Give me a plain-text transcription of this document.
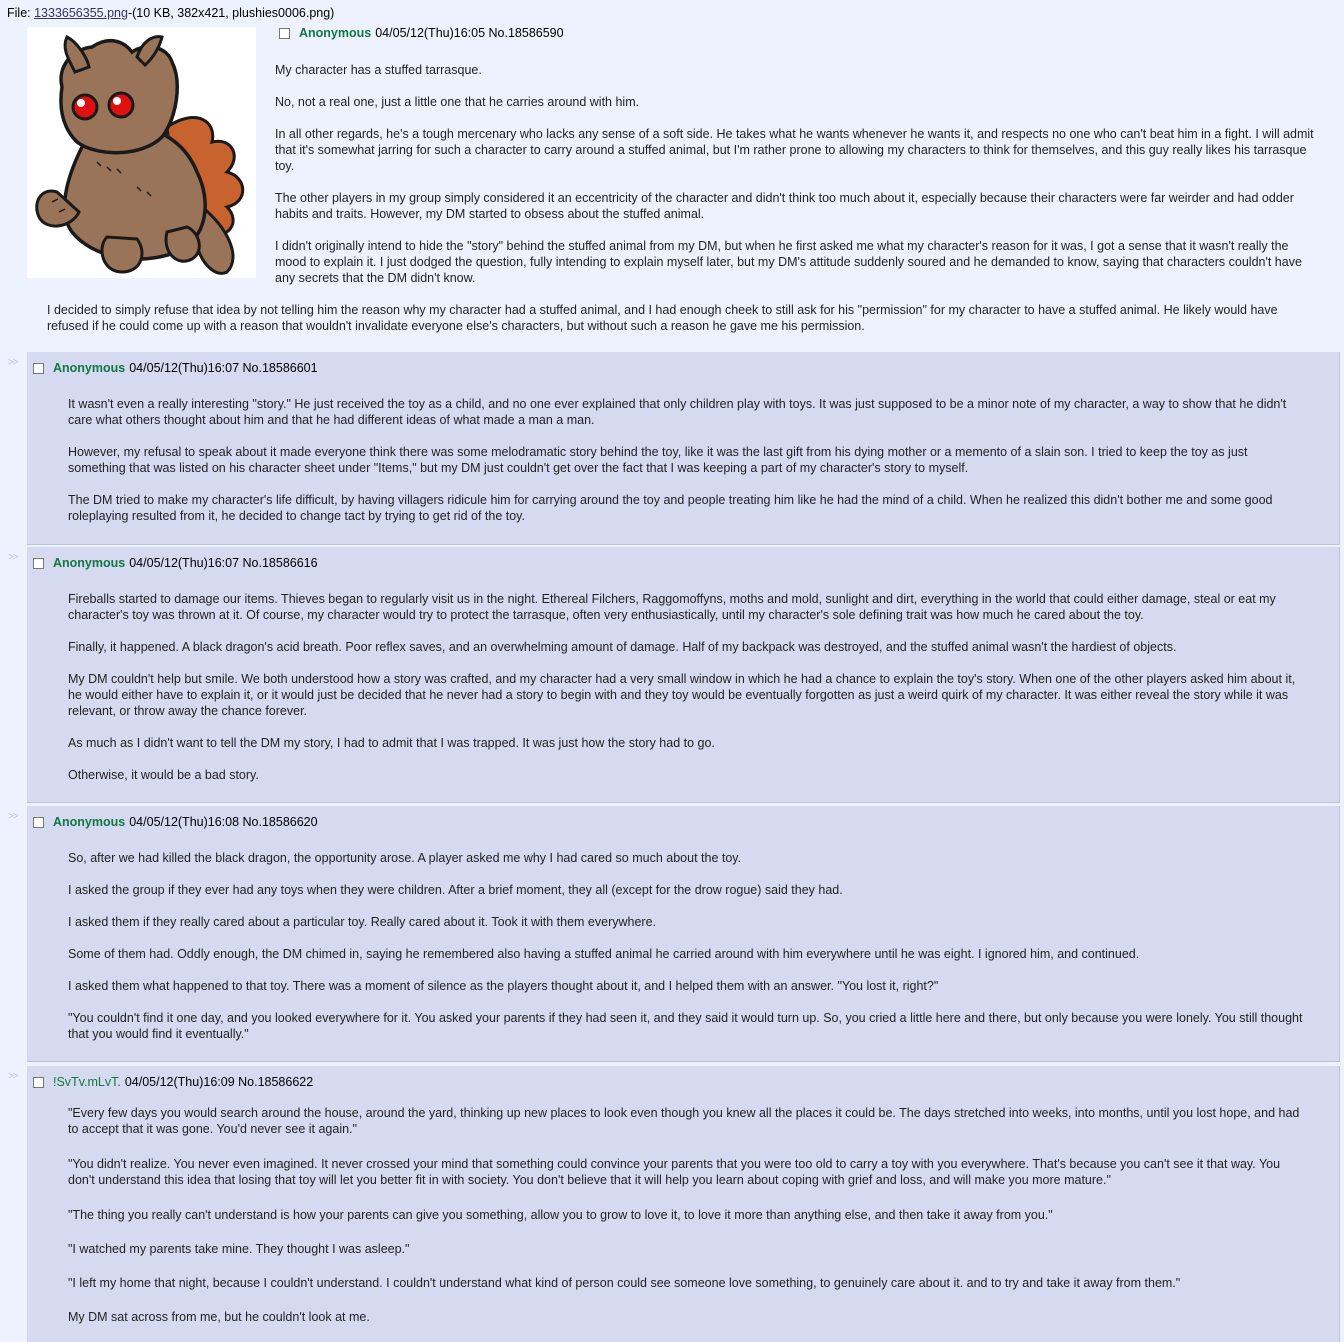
File: 1333656355.png-(10 KB, 382x421, plushies0006.png)
Anonymous 04/05/12(Thu)16:05 No.18586590
My character has a stuffed tarrasque.
No, not a real one, just a little one that he carries around with him.
In all other regards, he's a tough mercenary who lacks any sense of a soft side. He takes what he wants whenever he wants it, and respects no one who can't beat him in a fight. I will admit that it's somewhat jarring for such a character to carry around a stuffed animal, but I'm rather prone to allowing my characters to think for themselves, and this guy really likes his tarrasque toy.
The other players in my group simply considered it an eccentricity of the character and didn't think too much about it, especially because their characters were far weirder and had odder habits and traits. However, my DM started to obsess about the stuffed animal.
I didn't originally intend to hide the "story" behind the stuffed animal from my DM, but when he first asked me what my character's reason for it was, I got a sense that it wasn't really the mood to explain it. I just dodged the question, fully intending to explain myself later, but my DM's attitude suddenly soured and he demanded to know, saying that characters couldn't have any secrets that the DM didn't know.
I decided to simply refuse that idea by not telling him the reason why my character had a stuffed animal, and I had enough cheek to still ask for his "permission" for my character to have a stuffed animal. He likely would have refused if he could come up with a reason that wouldn't invalidate everyone else's characters, but without such a reason he gave me his permission.
>>	Anonymous 04/05/12(Thu)16:07 No.18586601
It wasn't even a really interesting "story." He just received the toy as a child, and no one ever explained that only children play with toys. It was just supposed to be a minor note of my character, a way to show that he didn't care what others thought about him and that he had different ideas of what made a man a man.
However, my refusal to speak about it made everyone think there was some melodramatic story behind the toy, like it was the last gift from his dying mother or a memento of a slain son. I tried to keep the toy as just something that was listed on his character sheet under "Items," but my DM just couldn't get over the fact that I was keeping a part of my character's story to myself.
The DM tried to make my character's life difficult, by having villagers ridicule him for carrying around the toy and people treating him like he had the mind of a child. When he realized this didn't bother me and some good roleplaying resulted from it, he decided to change tact by trying to get rid of the toy.
>>	Anonymous 04/05/12(Thu)16:07 No.18586616
Fireballs started to damage our items. Thieves began to regularly visit us in the night. Ethereal Filchers, Raggomoffyns, moths and mold, sunlight and dirt, everything in the world that could either damage, steal or eat my character's toy was thrown at it. Of course, my character would try to protect the tarrasque, often very enthusiastically, until my character's sole defining trait was how much he cared about the toy.
Finally, it happened. A black dragon's acid breath. Poor reflex saves, and an overwhelming amount of damage. Half of my backpack was destroyed, and the stuffed animal wasn't the hardiest of objects.
My DM couldn't help but smile. We both understood how a story was crafted, and my character had a very small window in which he had a chance to explain the toy's story. When one of the other players asked him about it, he would either have to explain it, or it would just be decided that he never had a story to begin with and they toy would be eventually forgotten as just a weird quirk of my character. It was either reveal the story while it was relevant, or throw away the chance forever.
As much as I didn't want to tell the DM my story, I had to admit that I was trapped. It was just how the story had to go.
Otherwise, it would be a bad story.
>>	Anonymous 04/05/12(Thu)16:08 No.18586620
So, after we had killed the black dragon, the opportunity arose. A player asked me why I had cared so much about the toy.
I asked the group if they ever had any toys when they were children. After a brief moment, they all (except for the drow rogue) said they had.
I asked them if they really cared about a particular toy. Really cared about it. Took it with them everywhere.
Some of them had. Oddly enough, the DM chimed in, saying he remembered also having a stuffed animal he carried around with him everywhere until he was eight. I ignored him, and continued.
I asked them what happened to that toy. There was a moment of silence as the players thought about it, and I helped them with an answer. "You lost it, right?"
"You couldn't find it one day, and you looked everywhere for it. You asked your parents if they had seen it, and they said it would turn up. So, you cried a little here and there, but only because you were lonely. You still thought that you would find it eventually."
>>	!SvTv.mLvT. 04/05/12(Thu)16:09 No.18586622
"Every few days you would search around the house, around the yard, thinking up new places to look even though you knew all the places it could be. The days stretched into weeks, into months, until you lost hope, and had to accept that it was gone. You'd never see it again."
"You didn't realize. You never even imagined. It never crossed your mind that something could convince your parents that you were too old to carry a toy with you everywhere. That's because you can't see it that way. You don't understand this idea that losing that toy will let you better fit in with society. You don't believe that it will help you learn about coping with grief and loss, and will make you more mature."
"The thing you really can't understand is how your parents can give you something, allow you to grow to love it, to love it more than anything else, and then take it away from you."
"I watched my parents take mine. They thought I was asleep."
"I left my home that night, because I couldn't understand. I couldn't understand what kind of person could see someone love something, to genuinely care about it. and to try and take it away from them."
My DM sat across from me, but he couldn't look at me.
